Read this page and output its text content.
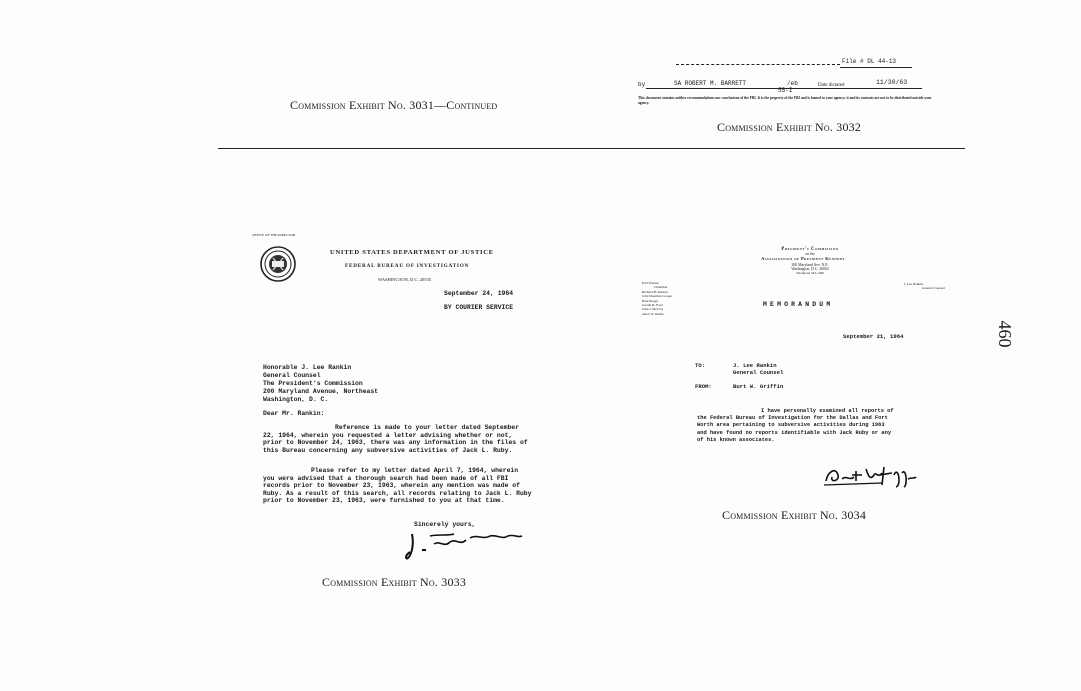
Commission Exhibit No. 3031—Continued
File # DL 44-13
by	SA ROBERT M. BARRETT	/eb	Date dictated	11/30/63
55-I
This document contains neither recommendations nor conclusions of the FBI. It is the property of the FBI and is loaned to your agency; it and its contents are not to be distributed outside your agency.
Commission Exhibit No. 3032
OFFICE OF THE DIRECTOR
UNITED STATES DEPARTMENT OF JUSTICE
FEDERAL BUREAU OF INVESTIGATION
WASHINGTON, D.C. 20535
September 24, 1964
BY COURIER SERVICE
Honorable J. Lee Rankin
General Counsel
The President's Commission
200 Maryland Avenue, Northeast
Washington, D. C.
Dear Mr. Rankin:
Reference is made to your letter dated September 22, 1964, wherein you requested a letter advising whether or not, prior to November 24, 1963, there was any information in the files of this Bureau concerning any subversive activities of Jack L. Ruby.
Please refer to my letter dated April 7, 1964, wherein you were advised that a thorough search had been made of all FBI records prior to November 23, 1963, wherein any mention was made of Ruby. As a result of this search, all records relating to Jack L. Ruby prior to November 23, 1963, were furnished to you at that time.
Sincerely yours,
Commission Exhibit No. 3033
President's Commission
on the
Assassination of President Kennedy
200 Maryland Ave. N.E.
Washington, D.C. 20002
Telephone 543-1400
Earl Warren,
Chairman
Richard B. Russell
John Sherman Cooper
Hale Boggs
Gerald R. Ford
John J. McCloy
Allen W. Dulles
J. Lee Rankin,
General Counsel
MEMORANDUM
September 21, 1964
TO:	J. Lee Rankin
General Counsel
FROM:	Burt W. Griffin
I have personally examined all reports of the Federal Bureau of Investigation for the Dallas and Fort Worth area pertaining to subversive activities during 1963 and have found no reports identifiable with Jack Ruby or any of his known associates.
Commission Exhibit No. 3034
460
